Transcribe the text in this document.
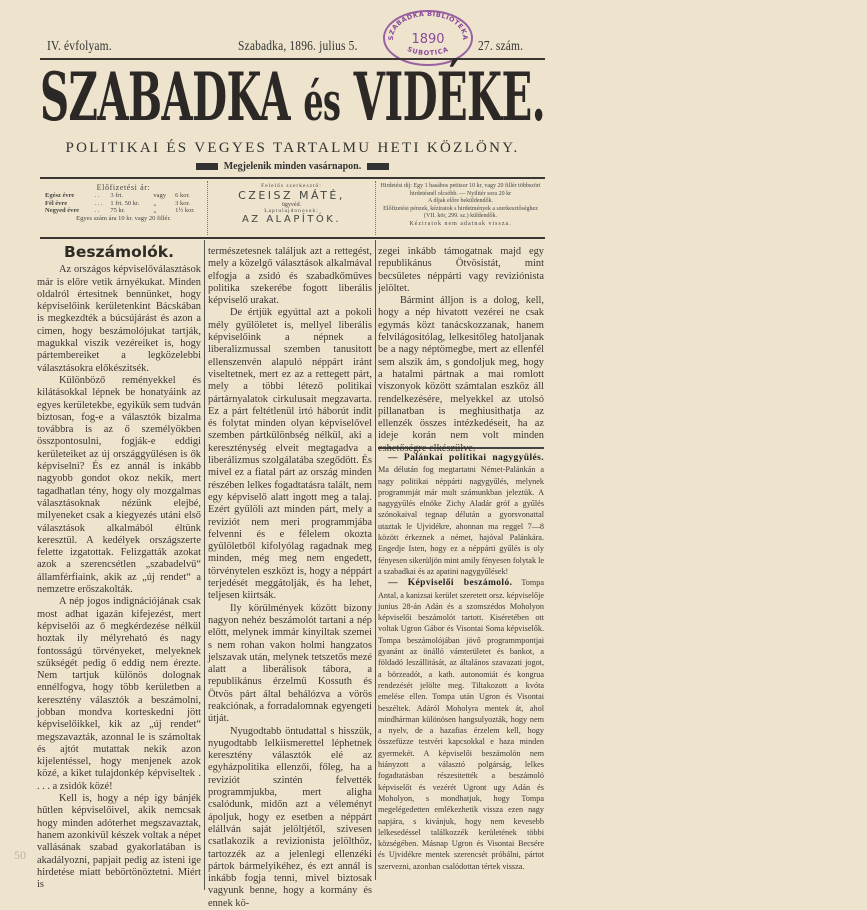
IV. évfolyam.	Szabadka, 1896. julius 5.	27. szám.
SZABADKA BIBLIOTEKA
1890
SUBOTICA
SZABADKA és VIDÉKE.
POLITIKAI ÉS VEGYES TARTALMU HETI KÖZLÖNY.
Megjelenik minden vasárnapon.
Előfizetési ár:
Egész évre	. .	3 frt.	vagy	6 kor.
Fél évre	. . .	1 frt. 50 kr.	„	3 kor.
Negyed évre	. .	75 kr.	„	1½ kor.
Egyes szám ára 10 kr. vagy 20 fillér.
Felelős szerkesztő:
CZEISZ MÁTÉ,
ügyvéd.
Laptulajdonosok:
AZ ALAPÍTÓK.
Hirdetési díj: Egy 1 hasábos petitsor 10 kr, vagy 20 fillér többszöri hirdetésnél olcsóbb. — Nyilttér sora 20 kr
A díjak előre beküldendők.
Előfizetési pénzek, kéziratok s hirdetmények a szerkesztőséghez (VII. kör, 299. sz.) küldendők.
Kéziratok nem adatnak vissza.
Beszámolók.

Az országos képviselőválasztások már is előre vetik árnyékukat. Minden oldalról értesitnek bennünket, hogy képviselőink kerületenkint Bácskában is megkezdték a búcsújárást és azon a cimen, hogy beszámolójukat tartják, magukkal viszik vezéreiket is, hogy pártembereiket a legközelebbi választásokra előkészitsék.

Különböző reményekkel és kilátásokkal lépnek be honatyáink az egyes kerületekbe, egyikük sem tudván biztosan, fog-e a választók bizalma továbbra is az ő személyökben összpontosulni, fogják-e eddigi kerületeiket az új országgyűlésen is ők képviselni? És ez annál is inkább nagyobb gondot okoz nekik, mert tagadhatlan tény, hogy oly mozgalmas választásoknak nézünk elejbé, milyeneket csak a kiegyezés utáni első választások alkalmából éltünk keresztül. A kedélyek országszerte felette izgatottak. Felizgatták azokat azok a szerencsétlen „szabadelvű“ államférfiaink, akik az „új rendet“ a nemzetre erőszakolták.

A nép jogos indignációjának csak most adhat igazán kifejezést, mert képviselői az ő megkérdezése nélkül hoztak ily mélyreható és nagy fontosságú törvényeket, melyeknek szükségét pedig ő eddig nem érezte. Nem tartjuk különös dolognak ennélfogva, hogy több kerületben a keresztény választók a beszámolni, jobban mondva korteskedni jött képviselőikkel, kik az „új rendet“ megszavazták, azonnal le is számoltak és ajtót mutattak nekik azon kijelentéssel, hogy menjenek azok közé, a kiket tulajdonkép képviseltek . . . . a zsidók közé!

Kell is, hogy a nép igy bánjék hűtlen képviselőivel, akik nemcsak hogy minden adóterhet megszavaztak, hanem azonkivül készek voltak a népet vallásának szabad gyakorlatában is akadályozni, papjait pedig az isteni ige hirdetése miatt bebörtönöztetni. Miért is

természetesnek találjuk azt a rettegést, mely a közelgő választások alkalmával elfogja a zsidó és szabadkőműves politika szekerébe fogott liberális képviselő urakat.

De értjük egyúttal azt a pokoli mély gyűlöletet is, mellyel liberális képviselőink a népnek a liberalizmussal szemben tanusitott ellenszenvén alapuló néppárt iránt viseltetnek, mert ez az a rettegett párt, mely a többi létező politikai pártárnyalatok cirkulusait megzavarta. Ez a párt feltétlenül irtó háborút indit és folytat minden olyan képviselővel szemben pártkülönbség nélkül, aki a kereszténység elveit megtagadva a liberálizmus szolgálatába szegődött. És mivel ez a fiatal párt az ország minden részében lelkes fogadtatásra talált, nem egy képviselő alatt ingott meg a talaj. Ezért gyűlöli azt minden párt, mely a reviziót nem meri programmjába felvenni és e félelem okozta gyűlöletből kifolyólag ragadnak meg minden, még meg nem engedett, törvénytelen eszközt is, hogy a néppárt terjedését meggátolják, és ha lehet, teljesen kiirtsák.

Ily körülmények között bizony nagyon nehéz beszámolót tartani a nép előtt, melynek immár kinyiltak szemei s nem rohan vakon holmi hangzatos jelszavak után, melynek tetszetős mezé alatt a liberálisok tábora, a republikánus érzelmű Kossuth és Ötvös párt által behálózva a vörös reakciónak, a forradalomnak egyengeti útját.

Nyugodtabb öntudattal s hisszük, nyugodtabb lelkiismerettel léphetnek keresztény választók elé az egyházpolitika ellenzői, főleg, ha a reviziót szintén felvették programmjukba, mert aligha csalódunk, midőn azt a véleményt ápoljuk, hogy ez esetben a néppárt elállván saját jelöltjétől, szivesen csatlakozik a revizionista jelölthöz, tartozzék az a jelenlegi ellenzéki pártok bármelyikéhez, és ezt annál is inkább fogja tenni, mivel biztosak vagyunk benne, hogy a kormány és ennek kö-

zegei inkább támogatnak majd egy republikánus Ötvösistát, mint becsületes néppárti vagy reviziónista jelöltet.

Bármint álljon is a dolog, kell, hogy a nép hivatott vezérei ne csak egymás közt tanácskozzanak, hanem felvilágositólag, lelkesitőleg hatoljanak be a nagy néptömegbe, mert az ellenfél sem alszik ám, s gondoljuk meg, hogy a hatalmi pártnak a mai romlott viszonyok között számtalan eszköz áll rendelkezésére, melyekkel az utolsó pillanatban is meghiusithatja az ellenzék összes intézkedéseit, ha az ideje korán nem volt minden eshetőségre elkészülve.

— Palánkai politikai nagygyülés. Ma délután fog megtartatni Német-Palánkán a nagy politikai néppárti nagygyűlés, melynek programmját már mult számunkban jeleztük. A nagygyűlés elnöke Zichy Aladár gróf a gyűlés szónokaival tegnap délután a gyorsvonattal utaztak le Ujvidékre, ahonnan ma reggel 7—8 között érkeznek a német, hajóval Palánkára. Engedje Isten, hogy ez a néppárti gyűlés is oly fényesen sikerüljön mint amily fényesen folytak le a szabadkai és az apatini nagygyűlések!

— Képviselői beszámoló. Tompa Antal, a kanizsai kerület szeretett orsz. képviselője junius 28-án Adán és a szomszédos Moholyon képviselői beszámolót tartott. Kiséretében ott voltak Ugron Gábor és Visontai Soma képviselők. Tompa beszámolójában jövő programmpontjai gyanánt az önálló vámterületet és bankot, a földadó leszállitását, az általános szavazati jogot, a börzeadót, a kath. autonomiát és kongrua rendezését jelölte meg. Tiltakozott a kvóta emelése ellen. Tompa után Ugron és Visontai beszéltek. Adáról Moholyra mentek át, ahol mindhárman különösen hangsulyozták, hogy nem a nyelv, de a hazafias érzelem kell, hogy összefüzze testvéri kapcsokkal e haza minden gyermekét. A képviselői beszámolón nem hiányzott a választó polgárság, lelkes fogadtatásban részesitették a beszámoló képviselőt és vezérét Ugront ugy Adán és Moholyon, s mondhatjuk, hogy Tompa megelégedetten emlékezhetik vissza ezen nagy napjára, s kivánjuk, hogy nem kevesebb lelkesedéssel találkozzék kerületének többi községében. Másnap Ugron és Visontai Becsére és Ujvidékre mentek szerencsét próbálni, pártot szervezni, azonban csalódottan tértek vissza.

50
